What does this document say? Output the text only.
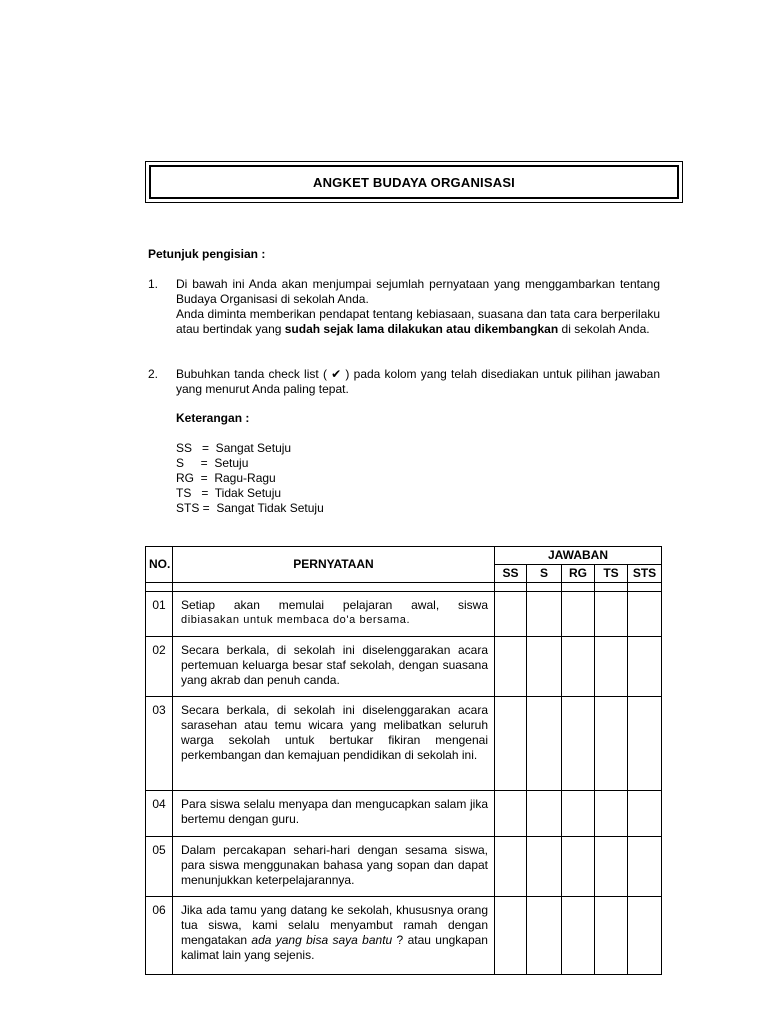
ANGKET BUDAYA ORGANISASI
Petunjuk pengisian :
1. Di bawah ini Anda akan menjumpai sejumlah pernyataan yang menggambarkan tentang Budaya Organisasi di sekolah Anda.

Anda diminta memberikan pendapat tentang kebiasaan, suasana dan tata cara berperilaku atau bertindak yang sudah sejak lama dilakukan atau dikembangkan di sekolah Anda.

2. Bubuhkan tanda check list ( ✔ ) pada kolom yang telah disediakan untuk pilihan jawaban yang menurut Anda paling tepat.

Keterangan :
SS   =  Sangat Setuju
S     =  Setuju
RG  =  Ragu-Ragu
TS   =  Tidak Setuju
STS =  Sangat Tidak Setuju
NO.	PERNYATAAN	JAWABAN				
		SS	S	RG	TS	STS

01	Setiap akan memulai pelajaran awal, siswa
dibiasakan untuk membaca do'a bersama.					

02	Secara berkala, di sekolah ini diselenggarakan acara pertemuan keluarga besar staf sekolah, dengan suasana yang akrab dan penuh canda.					
03	Secara berkala, di sekolah ini diselenggarakan acara sarasehan atau temu wicara yang melibatkan seluruh warga sekolah untuk bertukar fikiran mengenai perkembangan dan kemajuan pendidikan di sekolah ini.					
04	Para siswa selalu menyapa dan mengucapkan salam jika bertemu dengan guru.					
05	Dalam percakapan sehari-hari dengan sesama siswa, para siswa menggunakan bahasa yang sopan dan dapat menunjukkan keterpelajarannya.					
06	Jika ada tamu yang datang ke sekolah, khususnya orang tua siswa, kami selalu menyambut ramah dengan mengatakan ada yang bisa saya bantu ? atau ungkapan kalimat lain yang sejenis.					
